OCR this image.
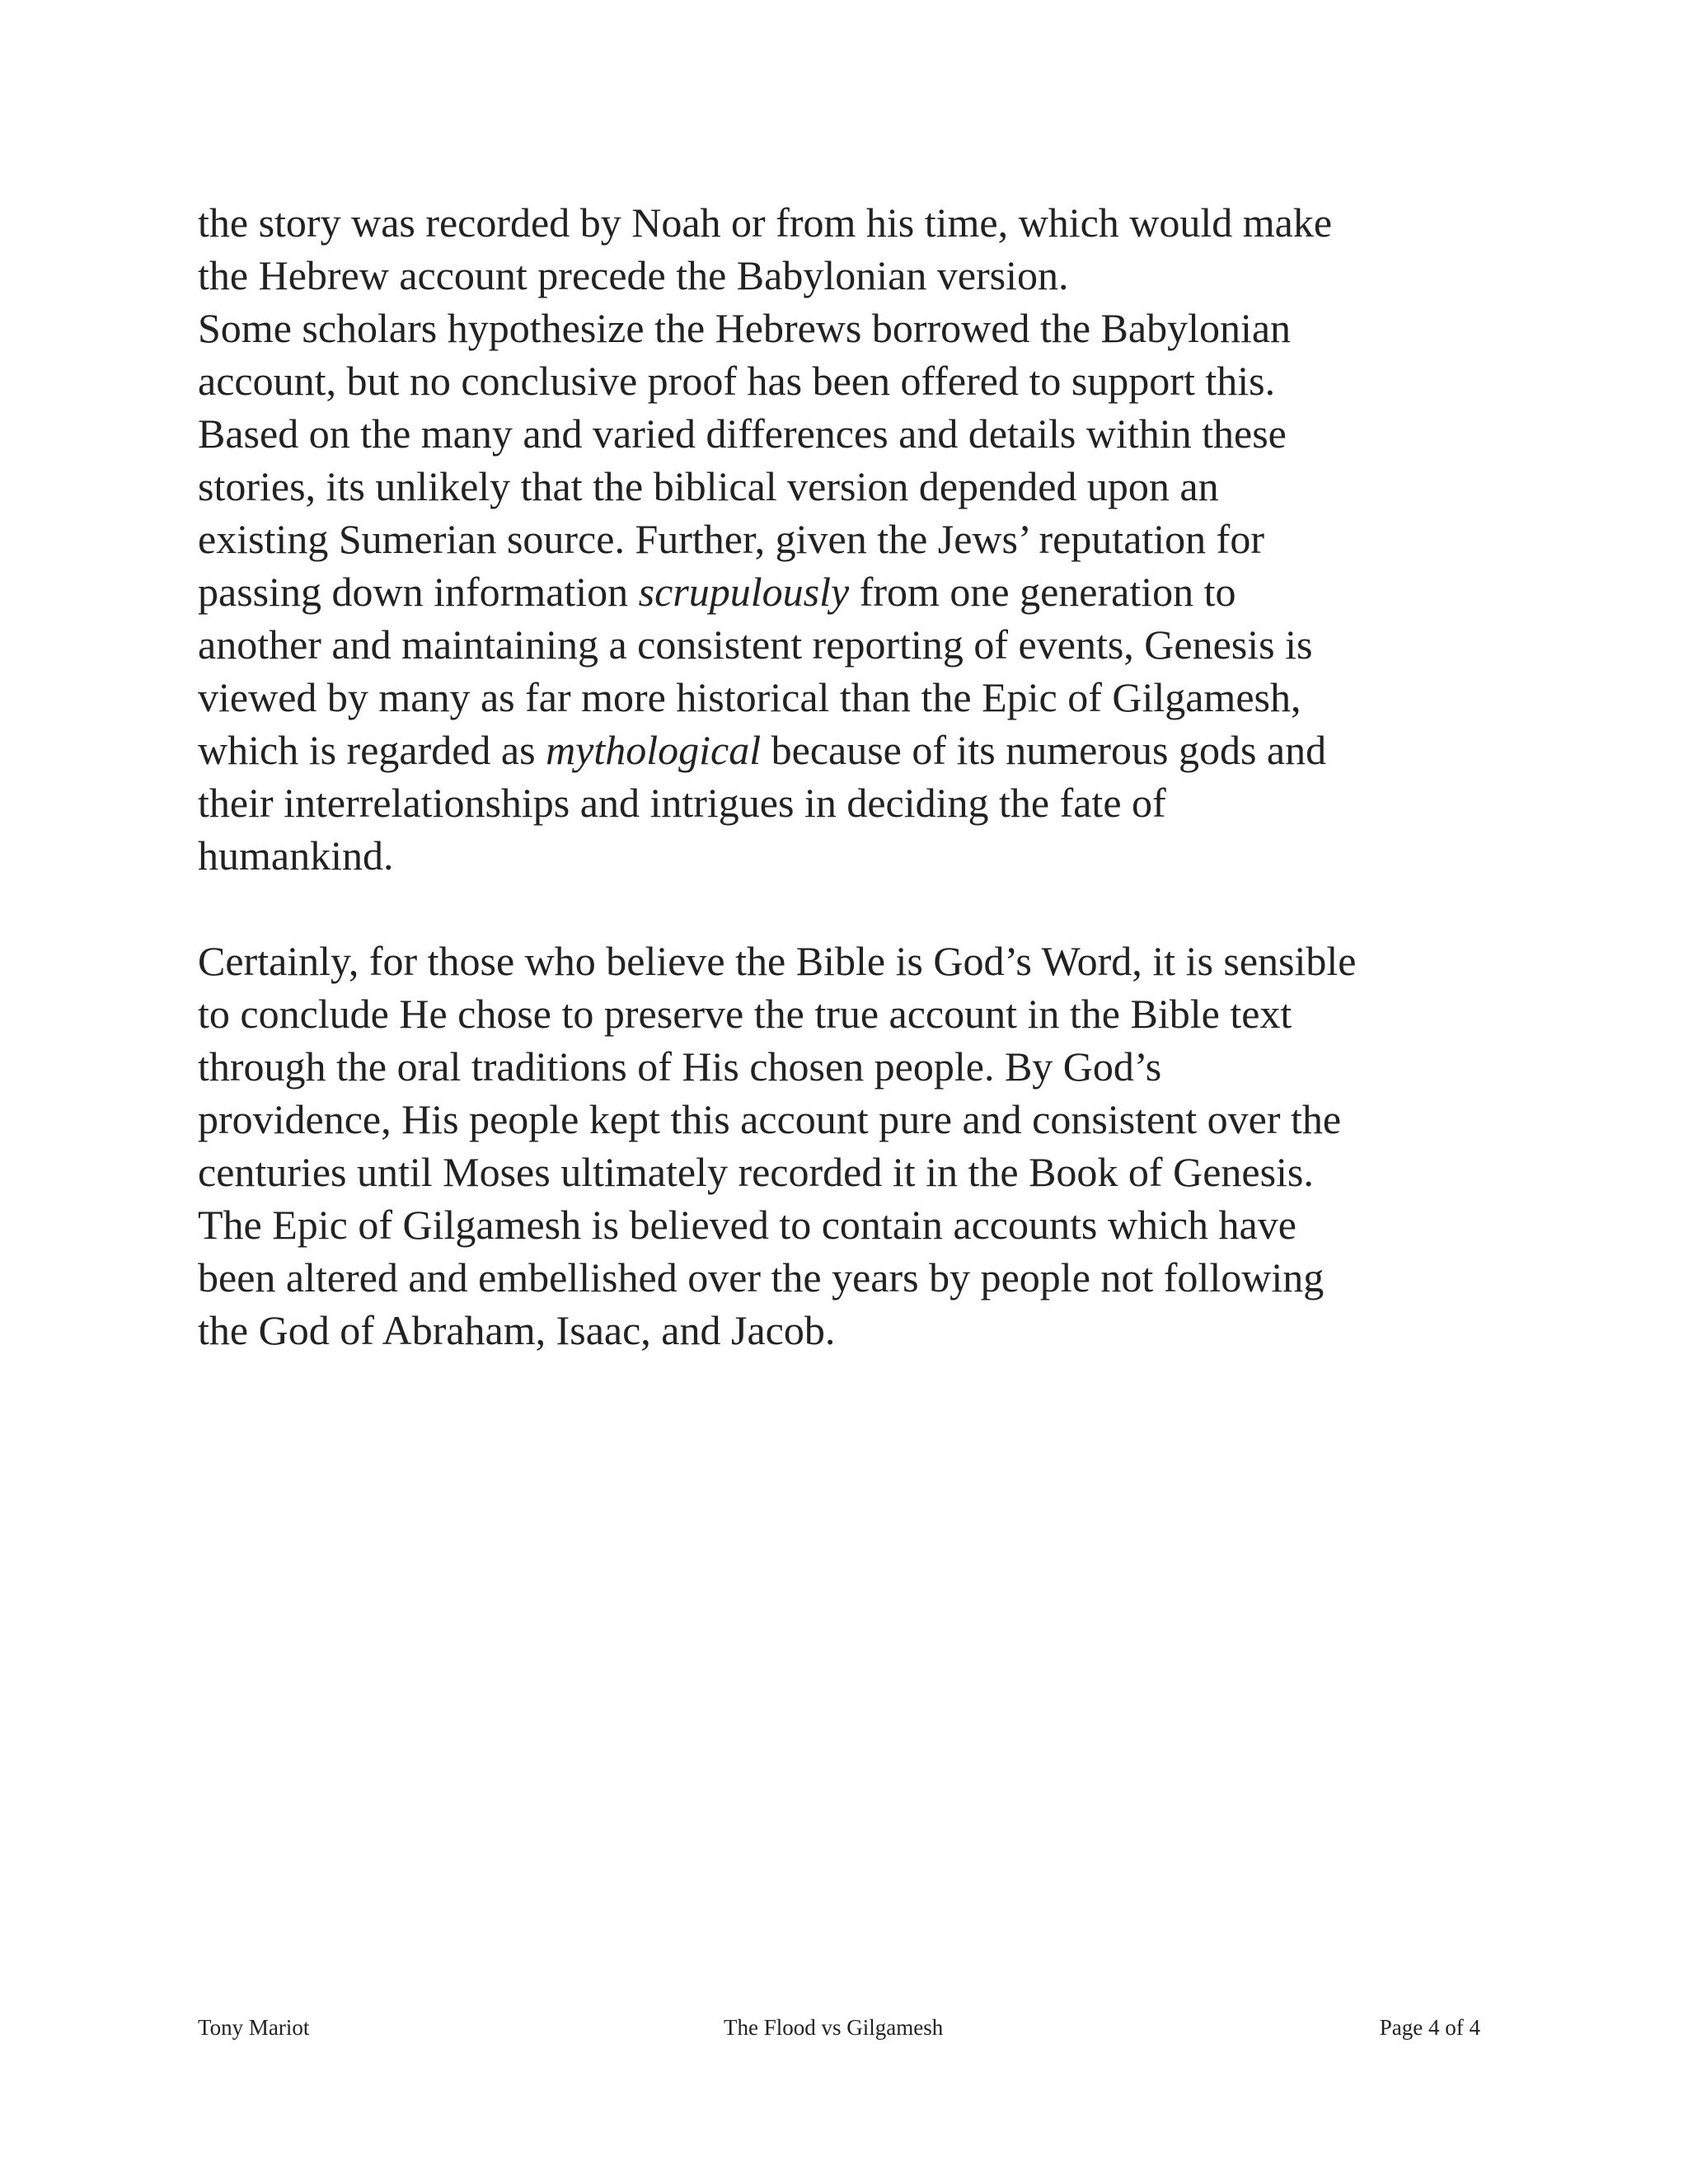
the story was recorded by Noah or from his time, which would make
the Hebrew account precede the Babylonian version.
Some scholars hypothesize the Hebrews borrowed the Babylonian
account, but no conclusive proof has been offered to support this.
Based on the many and varied differences and details within these
stories, its unlikely that the biblical version depended upon an
existing Sumerian source. Further, given the Jews’ reputation for
passing down information scrupulously from one generation to
another and maintaining a consistent reporting of events, Genesis is
viewed by many as far more historical than the Epic of Gilgamesh,
which is regarded as mythological because of its numerous gods and
their interrelationships and intrigues in deciding the fate of
humankind.
Certainly, for those who believe the Bible is God’s Word, it is sensible
to conclude He chose to preserve the true account in the Bible text
through the oral traditions of His chosen people. By God’s
providence, His people kept this account pure and consistent over the
centuries until Moses ultimately recorded it in the Book of Genesis.
The Epic of Gilgamesh is believed to contain accounts which have
been altered and embellished over the years by people not following
the God of Abraham, Isaac, and Jacob.
Tony Mariot	The Flood vs Gilgamesh	Page 4 of 4
